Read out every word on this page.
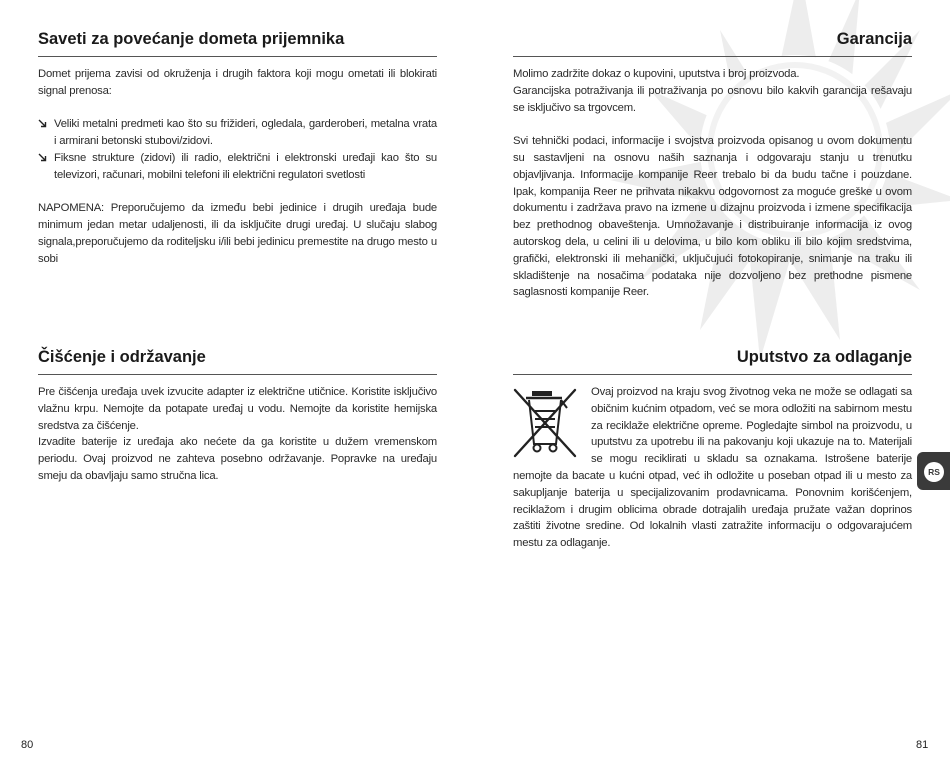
Saveti za povećanje dometa prijemnika

Domet prijema zavisi od okruženja i drugih faktora koji mogu ometati ili blokirati signal prenosa:

Veliki metalni predmeti kao što su frižideri, ogledala, garderoberi, metalna vrata i armirani betonski stubovi/zidovi.

Fiksne strukture (zidovi) ili radio, električni i elektronski uređaji kao što su televizori, računari, mobilni telefoni ili električni regulatori svetlosti

NAPOMENA: Preporučujemo da između bebi jedinice i drugih uređaja bude minimum jedan metar udaljenosti, ili da isključite drugi uređaj. U slučaju slabog signala,preporučujemo da roditeljsku i/ili bebi jedinicu premestite na drugo mesto u sobi

Čišćenje i održavanje

Pre čišćenja uređaja uvek izvucite adapter iz električne utičnice. Koristite isključivo vlažnu krpu. Nemojte da potapate uređaj u vodu. Nemojte da koristite hemijska sredstva za čišćenje.

Izvadite baterije iz uređaja ako nećete da ga koristite u dužem vremenskom periodu. Ovaj proizvod ne zahteva posebno održavanje. Popravke na uređaju smeju da obavljaju samo stručna lica.

80
Garancija

Molimo zadržite dokaz o kupovini, uputstva i broj proizvoda.

Garancijska potraživanja ili potraživanja po osnovu bilo kakvih garancija rešavaju se isključivo sa trgovcem.

Svi tehnički podaci, informacije i svojstva proizvoda opisanog u ovom dokumentu su sastavljeni na osnovu naših saznanja i odgovaraju stanju u trenutku objavljivanja. Informacije kompanije Reer trebalo bi da budu tačne i pouzdane. Ipak, kompanija Reer ne prihvata nikakvu odgovornost za moguće greške u ovom dokumentu i zadržava pravo na izmene u dizajnu proizvoda i izmene specifikacija bez prethodnog obaveštenja. Umnožavanje i distribuiranje informacija iz ovog autorskog dela, u celini ili u delovima, u bilo kom obliku ili bilo kojim sredstvima, grafički, elektronski ili mehanički, uključujući fotokopiranje, snimanje na traku ili skladištenje na nosačima podataka nije dozvoljeno bez prethodne pismene saglasnosti kompanije Reer.

Uputstvo za odlaganje

Ovaj proizvod na kraju svog životnog veka ne može se odlagati sa običnim kućnim otpadom, već se mora odložiti na sabirnom mestu za reciklaže električne opreme. Pogledajte simbol na proizvodu, u uputstvu za upotrebu ili na pakovanju koji ukazuje na to. Materijali se mogu reciklirati u skladu sa oznakama. Istrošene baterije nemojte da bacate u kućni otpad, već ih odložite u poseban otpad ili u mesto za sakupljanje baterija u specijalizovanim prodavnicama. Ponovnim korišćenjem, reciklažom i drugim oblicima obrade dotrajalih uređaja pružate važan doprinos zaštiti životne sredine. Od lokalnih vlasti zatražite informaciju o odgovarajućem mestu za odlaganje.

RS
81
